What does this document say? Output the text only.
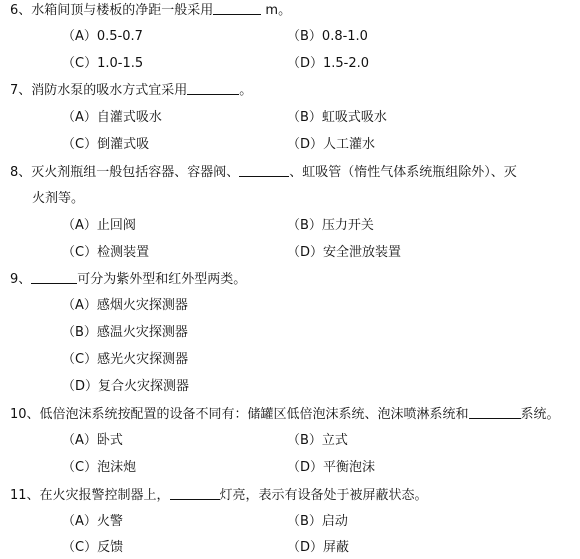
6、水箱间顶与楼板的净距一般采用	m。
（A）0.5-0.7	（B）0.8-1.0
（C）1.0-1.5	（D）1.5-2.0
7、消防水泵的吸水方式宜采用	。
（A）自灌式吸水	（B）虹吸式吸水
（C）倒灌式吸	（D）人工灌水
8、灭火剂瓶组一般包括容器、容器阀、	、虹吸管（惰性气体系统瓶组除外）、灭
火剂等。
（A）止回阀	（B）压力开关
（C）检测装置	（D）安全泄放装置
9、	可分为紫外型和红外型两类。
（A）感烟火灾探测器
（B）感温火灾探测器
（C）感光火灾探测器
（D）复合火灾探测器
10、低倍泡沫系统按配置的设备不同有：储罐区低倍泡沫系统、泡沫喷淋系统和	系统。
（A）卧式	（B）立式
（C）泡沫炮	（D）平衡泡沫
11、在火灾报警控制器上，	灯亮，表示有设备处于被屏蔽状态。
（A）火警	（B）启动
（C）反馈	（D）屏蔽
